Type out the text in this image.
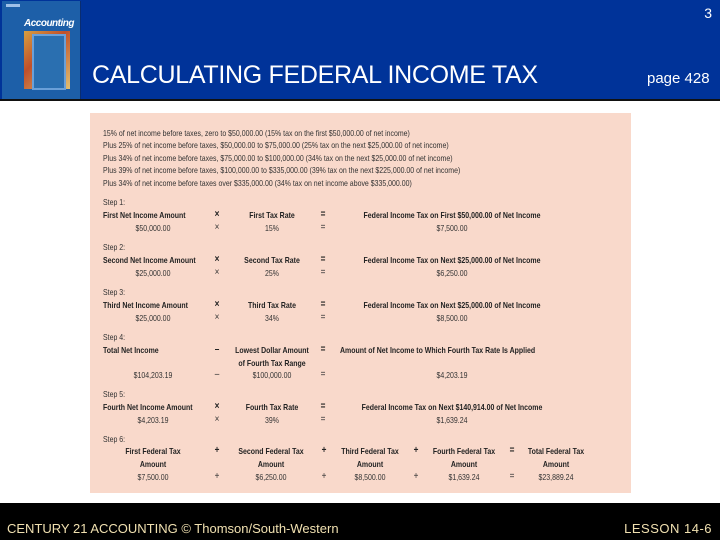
Accounting
3
CALCULATING FEDERAL INCOME TAX	page 428
15% of net income before taxes, zero to $50,000.00 (15% tax on the first $50,000.00 of net income)
Plus 25% of net income before taxes, $50,000.00 to $75,000.00 (25% tax on the next $25,000.00 of net income)
Plus 34% of net income before taxes, $75,000.00 to $100,000.00 (34% tax on the next $25,000.00 of net income)
Plus 39% of net income before taxes, $100,000.00 to $335,000.00 (39% tax on the next $225,000.00 of net income)
Plus 34% of net income before taxes over $335,000.00 (34% tax on net income above $335,000.00)
Step 1:
First Net Income Amount	×	First Tax Rate	=	Federal Income Tax on First $50,000.00 of Net Income
$50,000.00	×	15%	=	$7,500.00
Step 2:
Second Net Income Amount ×	Second Tax Rate =	Federal Income Tax on Next $25,000.00 of Net Income
$25,000.00	×	25%	=	$6,250.00
Step 3:
Third Net Income Amount	×	Third Tax Rate =	Federal Income Tax on Next $25,000.00 of Net Income
$25,000.00	×	34%	=	$8,500.00
Step 4:
Total Net Income	– Lowest Dollar Amount = Amount of Net Income to Which Fourth Tax Rate Is Applied
of Fourth Tax Range
$104,203.19	–	$100,000.00	=	$4,203.19
Step 5:
Fourth Net Income Amount ×	Fourth Tax Rate =	Federal Income Tax on Next $140,914.00 of Net Income
$4,203.19	×	39%	=	$1,639.24
Step 6:
First Federal Tax	+ Second Federal Tax + Third Federal Tax + Fourth Federal Tax = Total Federal Tax
Amount	Amount	Amount	Amount	Amount
$7,500.00	+	$6,250.00	+	$8,500.00	+	$1,639.24	=	$23,889.24
CENTURY 21 ACCOUNTING © Thomson/South-Western	LESSON 14-6
